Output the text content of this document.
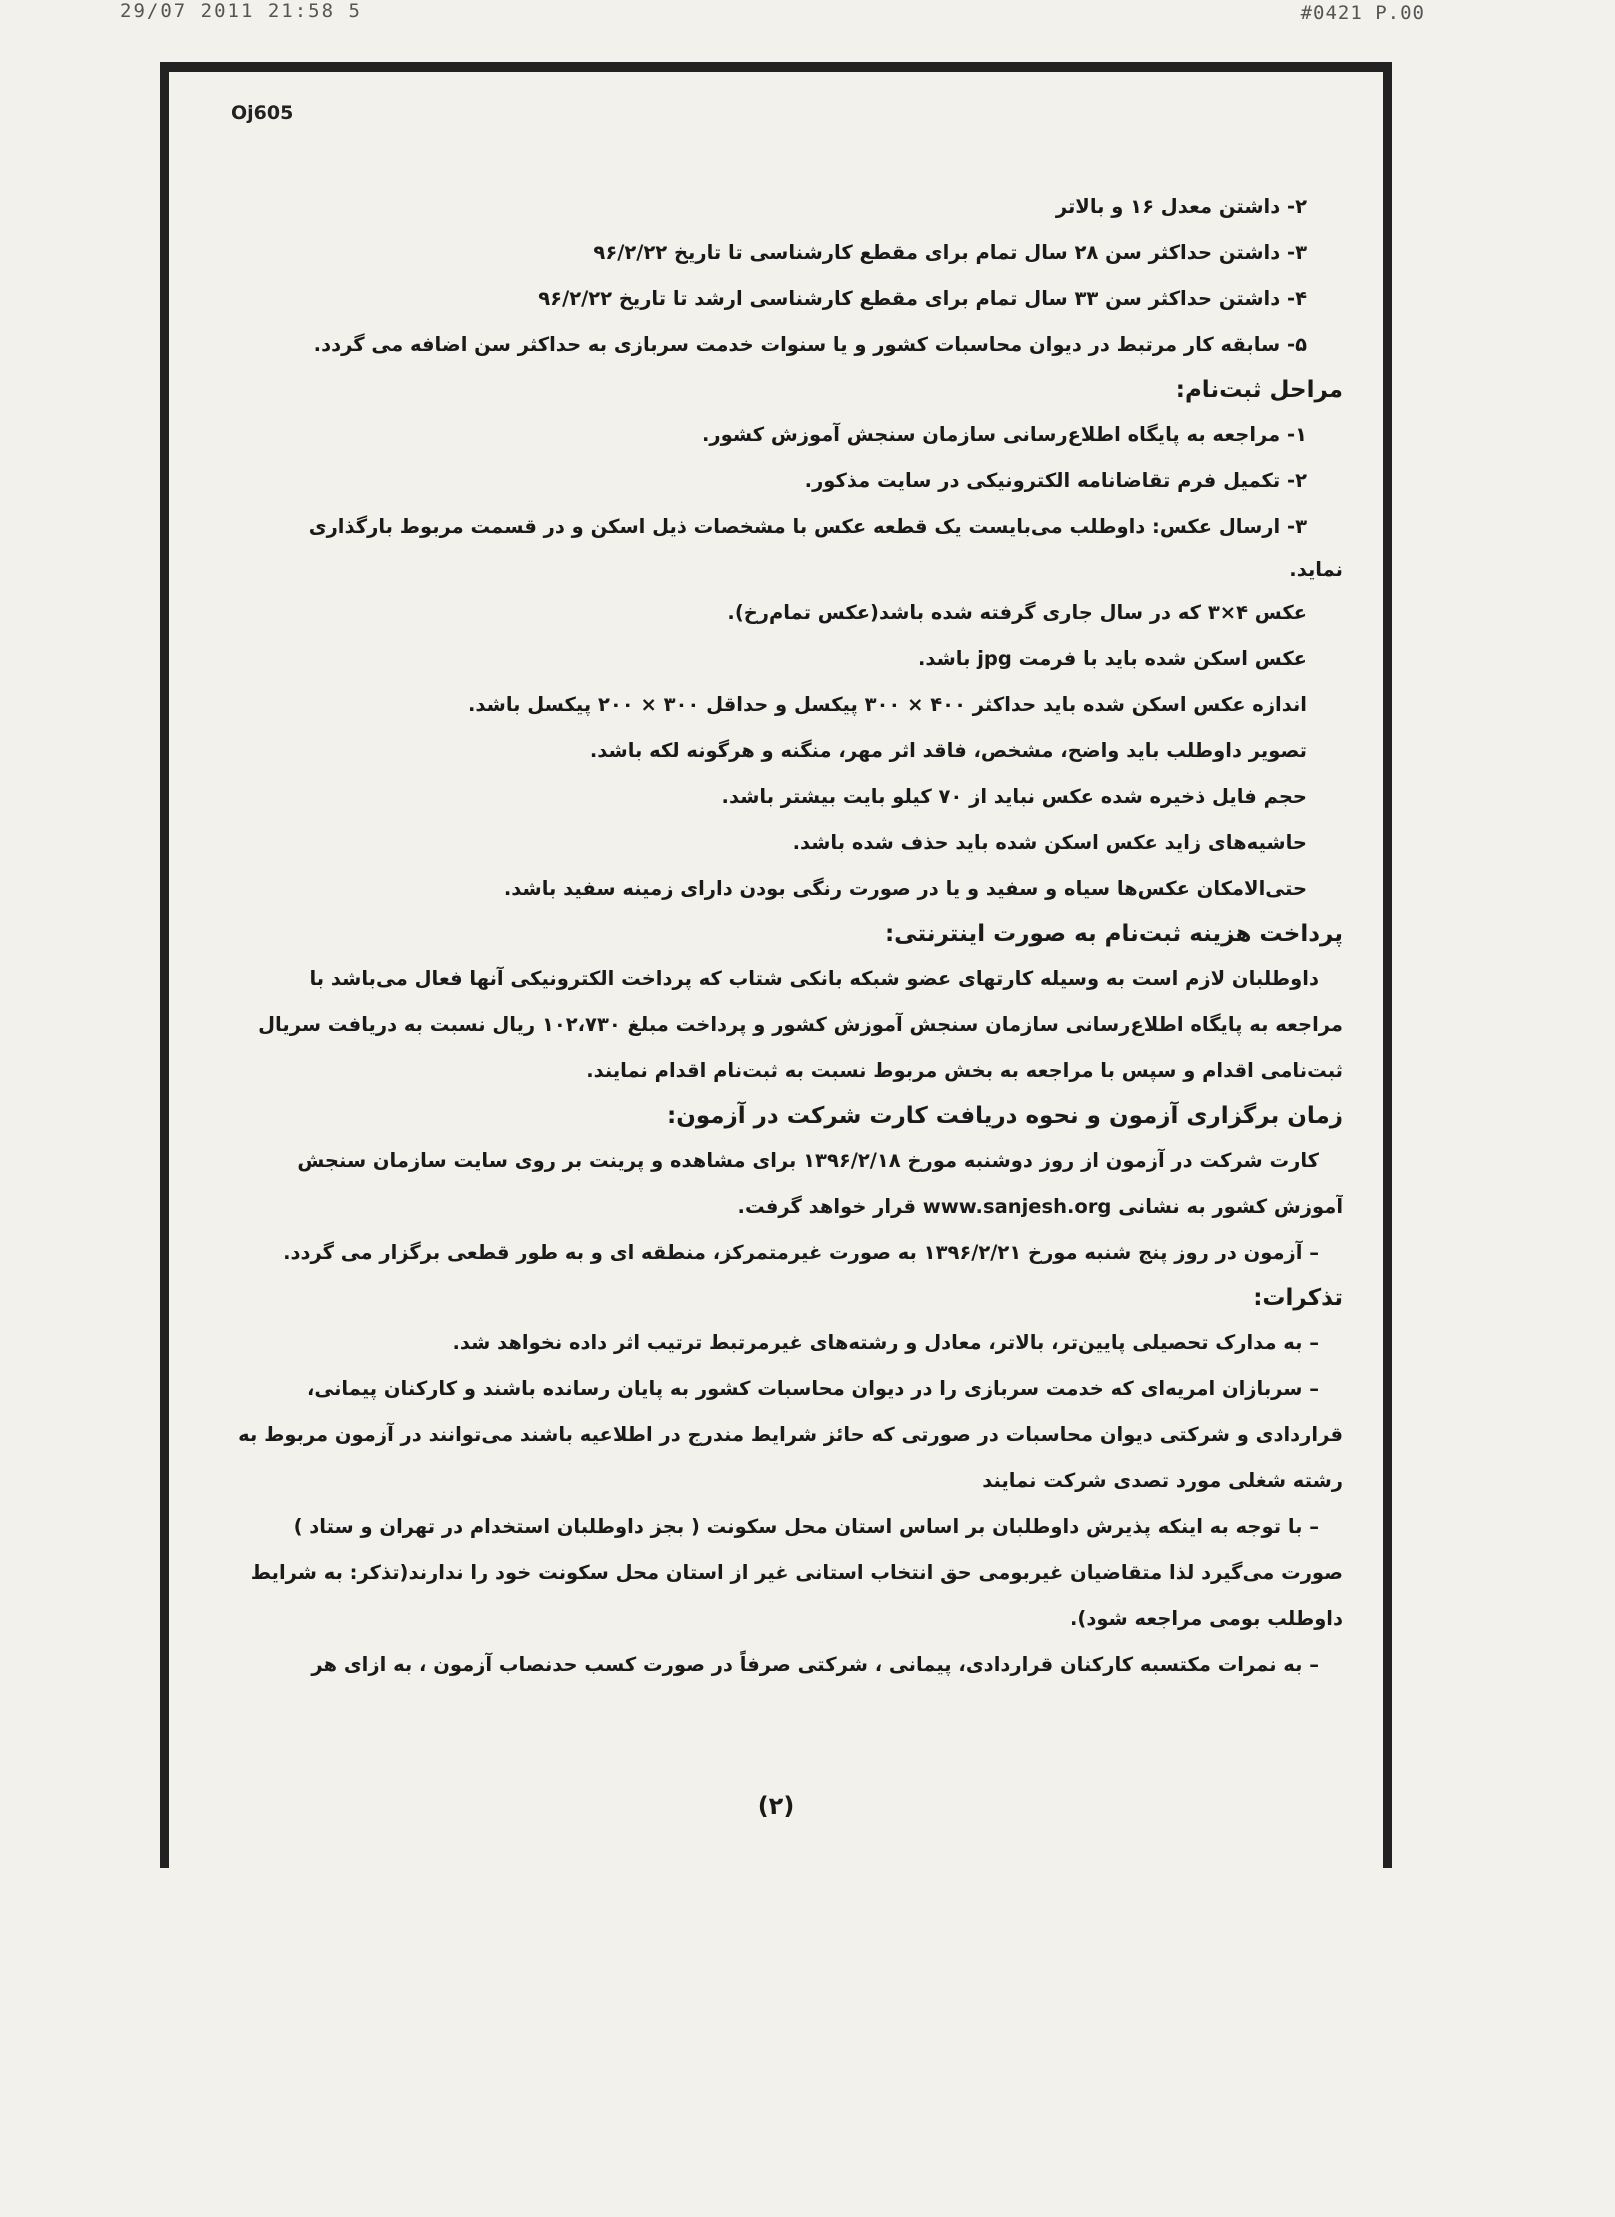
29/07 2011 21:58 5	#0421 P.00
Oj605
۲- داشتن معدل ۱۶ و بالاتر
۳- داشتن حداکثر سن ۲۸ سال تمام برای مقطع کارشناسی تا تاریخ ۹۶/۲/۲۲
۴- داشتن حداکثر سن ۳۳ سال تمام برای مقطع کارشناسی ارشد تا تاریخ ۹۶/۲/۲۲
۵- سابقه کار مرتبط در دیوان محاسبات کشور و یا سنوات خدمت سربازی به حداکثر سن اضافه می گردد.
مراحل ثبت‌نام:
۱- مراجعه به پایگاه اطلاع‌رسانی سازمان سنجش آموزش کشور.
۲- تکمیل فرم تقاضانامه الکترونیکی در سایت مذکور.
۳- ارسال عکس: داوطلب می‌بایست یک قطعه عکس با مشخصات ذیل اسکن و در قسمت مربوط بارگذاری
نماید.
عکس ۴×۳ که در سال جاری گرفته شده باشد(عکس تمام‌رخ).
عکس اسکن شده باید با فرمت jpg باشد.
اندازه عکس اسکن شده باید حداکثر ۴۰۰ × ۳۰۰ پیکسل و حداقل ۳۰۰ × ۲۰۰ پیکسل باشد.
تصویر داوطلب باید واضح، مشخص، فاقد اثر مهر، منگنه و هرگونه لکه باشد.
حجم فایل ذخیره شده عکس نباید از ۷۰ کیلو بایت بیشتر باشد.
حاشیه‌های زاید عکس اسکن شده باید حذف شده باشد.
حتی‌الامکان عکس‌ها سیاه و سفید و یا در صورت رنگی بودن دارای زمینه سفید باشد.
پرداخت هزینه ثبت‌نام به صورت اینترنتی:
داوطلبان لازم است به وسیله کارتهای عضو شبکه بانکی شتاب که پرداخت الکترونیکی آنها فعال می‌باشد با
مراجعه به پایگاه اطلاع‌رسانی سازمان سنجش آموزش کشور و پرداخت مبلغ ۱۰۲،۷۳۰ ریال نسبت به دریافت سریال
ثبت‌نامی اقدام و سپس با مراجعه به بخش مربوط نسبت به ثبت‌نام اقدام نمایند.
زمان برگزاری آزمون و نحوه دریافت کارت شرکت در آزمون:
کارت شرکت در آزمون از روز دوشنبه مورخ ۱۳۹۶/۲/۱۸ برای مشاهده و پرینت بر روی سایت سازمان سنجش
آموزش کشور به نشانی www.sanjesh.org قرار خواهد گرفت.
– آزمون در روز پنج شنبه مورخ ۱۳۹۶/۲/۲۱ به صورت غیرمتمرکز، منطقه ای و به طور قطعی برگزار می گردد.
تذکرات:
– به مدارک تحصیلی پایین‌تر، بالاتر، معادل و رشته‌های غیرمرتبط ترتیب اثر داده نخواهد شد.
– سربازان امریه‌ای که خدمت سربازی را در دیوان محاسبات کشور به پایان رسانده باشند و کارکنان پیمانی،
قراردادی و شرکتی دیوان محاسبات در صورتی که حائز شرایط مندرج در اطلاعیه باشند می‌توانند در آزمون مربوط به
رشته شغلی مورد تصدی شرکت نمایند
– با توجه به اینکه پذیرش داوطلبان بر اساس استان محل سکونت ( بجز داوطلبان استخدام در تهران و ستاد )
صورت می‌گیرد لذا متقاضیان غیربومی حق انتخاب استانی غیر از استان محل سکونت خود را ندارند(تذکر: به شرایط
داوطلب بومی مراجعه شود).
– به نمرات مکتسبه کارکنان قراردادی، پیمانی ، شرکتی صرفاً در صورت کسب حدنصاب آزمون ، به ازای هر
(۲)
